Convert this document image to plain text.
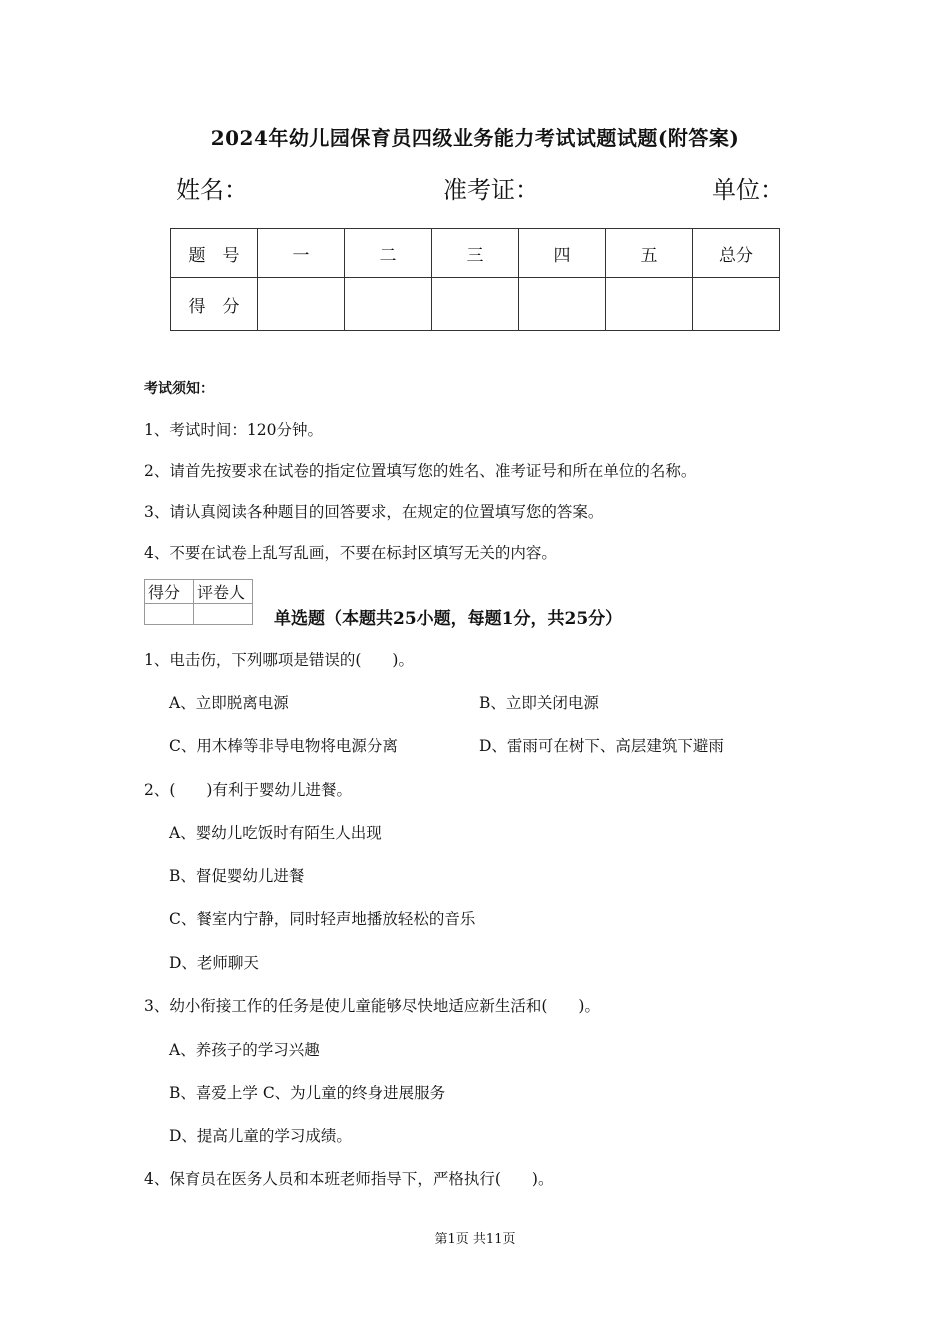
2024年幼儿园保育员四级业务能力考试试题试题(附答案)
姓名：	准考证：	单位：
题　号	一	二	三	四	五	总分
得　分						
考试须知：
1、考试时间：120分钟。
2、请首先按要求在试卷的指定位置填写您的姓名、准考证号和所在单位的名称。
3、请认真阅读各种题目的回答要求，在规定的位置填写您的答案。
4、不要在试卷上乱写乱画，不要在标封区填写无关的内容。
得分	评卷人

单选题（本题共25小题，每题1分，共25分）
1、电击伤，下列哪项是错误的(　　)。
A、立即脱离电源	B、立即关闭电源
C、用木棒等非导电物将电源分离	D、雷雨可在树下、高层建筑下避雨
2、(　　)有利于婴幼儿进餐。
A、婴幼儿吃饭时有陌生人出现
B、督促婴幼儿进餐
C、餐室内宁静，同时轻声地播放轻松的音乐
D、老师聊天
3、幼小衔接工作的任务是使儿童能够尽快地适应新生活和(　　)。
A、养孩子的学习兴趣
B、喜爱上学 C、为儿童的终身进展服务
D、提高儿童的学习成绩。
4、保育员在医务人员和本班老师指导下，严格执行(　　)。
第1页 共11页
